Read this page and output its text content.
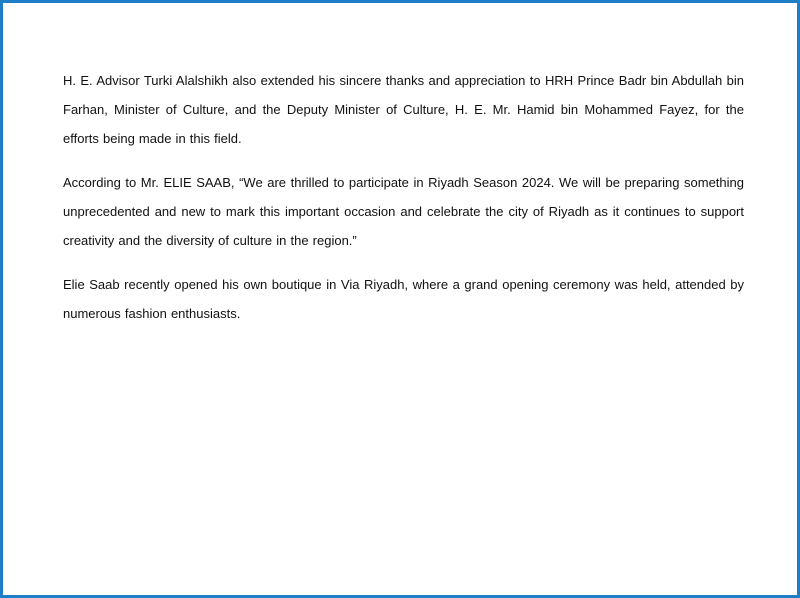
H. E. Advisor Turki Alalshikh also extended his sincere thanks and appreciation to HRH Prince Badr bin Abdullah bin Farhan, Minister of Culture, and the Deputy Minister of Culture, H. E. Mr. Hamid bin Mohammed Fayez, for the efforts being made in this field.

According to Mr. ELIE SAAB, “We are thrilled to participate in Riyadh Season 2024. We will be preparing something unprecedented and new to mark this important occasion and celebrate the city of Riyadh as it continues to support creativity and the diversity of culture in the region.”

Elie Saab recently opened his own boutique in Via Riyadh, where a grand opening ceremony was held, attended by numerous fashion enthusiasts.
